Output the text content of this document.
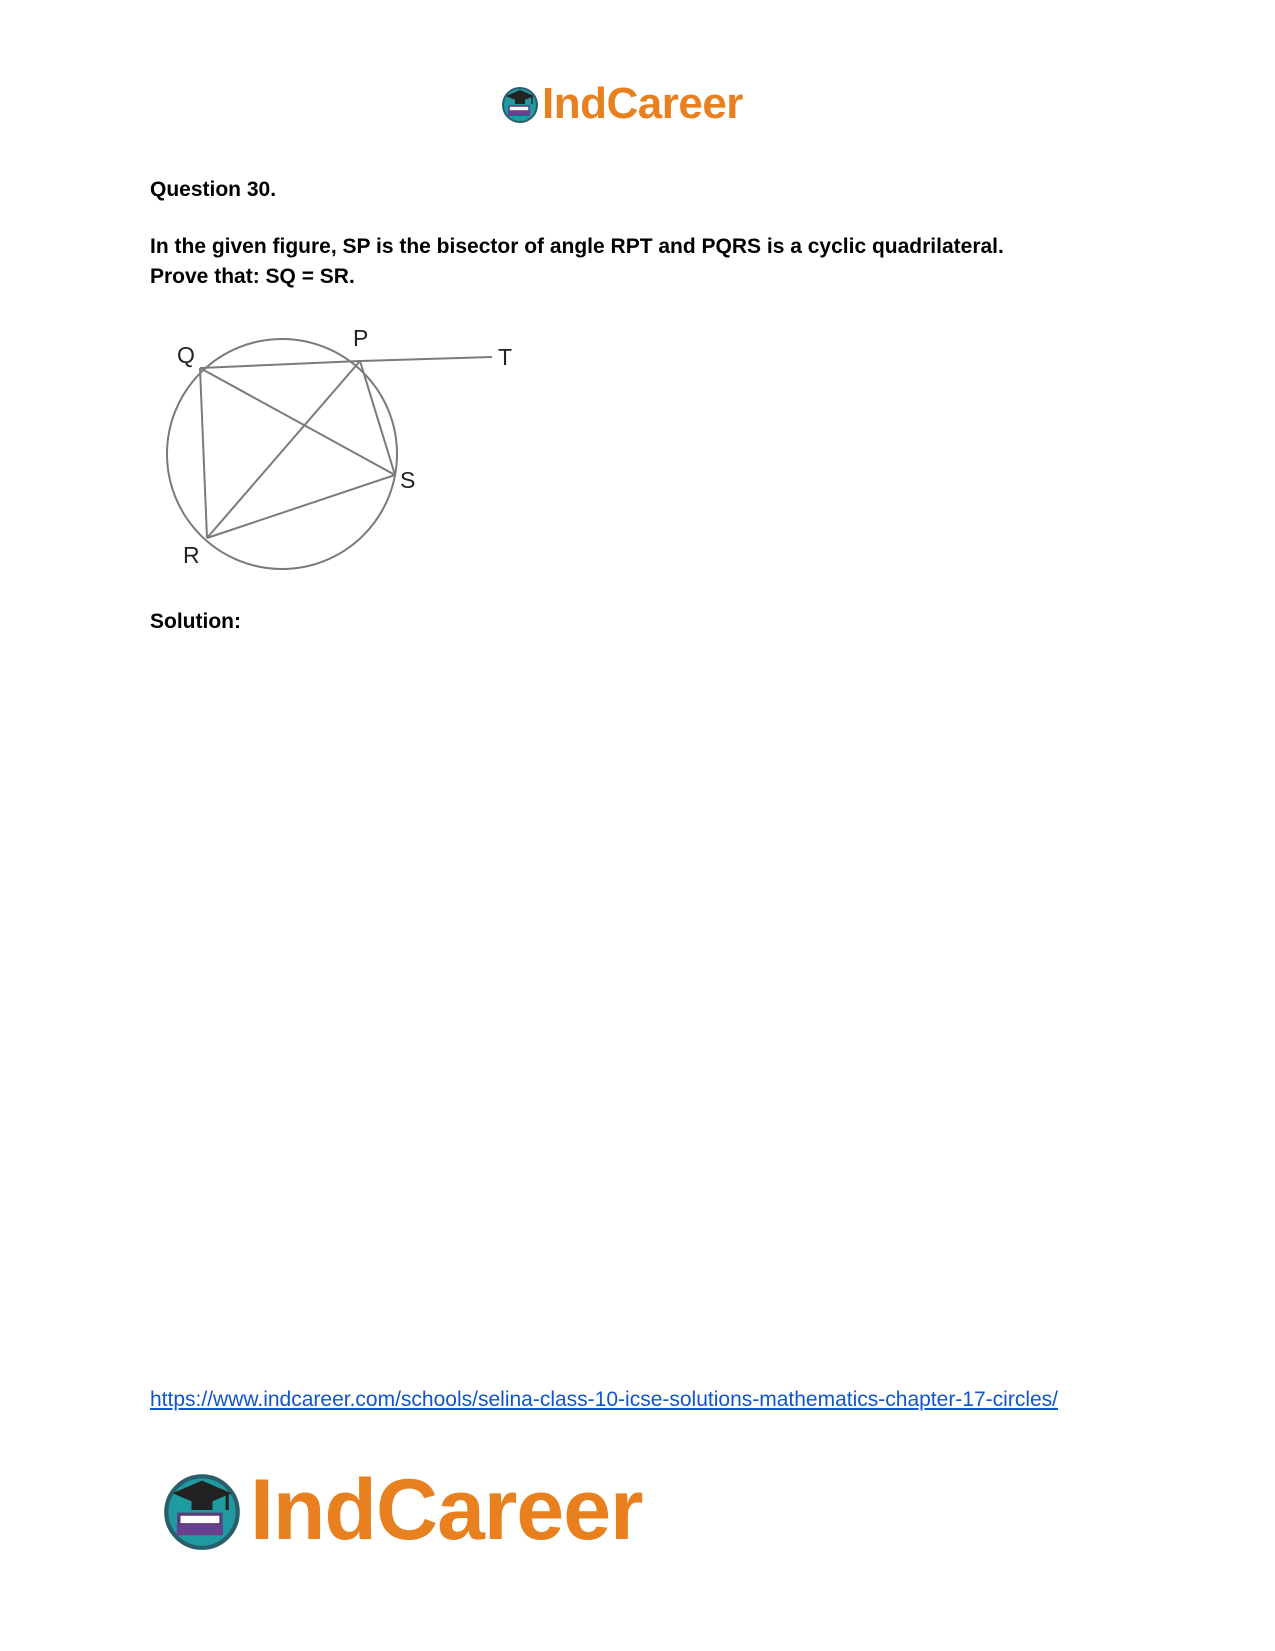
IndCareer

Question 30.

In the given figure, SP is the bisector of angle RPT and PQRS is a cyclic quadrilateral.
Prove that: SQ = SR.
Q
P
T
S
R

Solution:

https://www.indcareer.com/schools/selina-class-10-icse-solutions-mathematics-chapter-17-circles/
IndCareer
